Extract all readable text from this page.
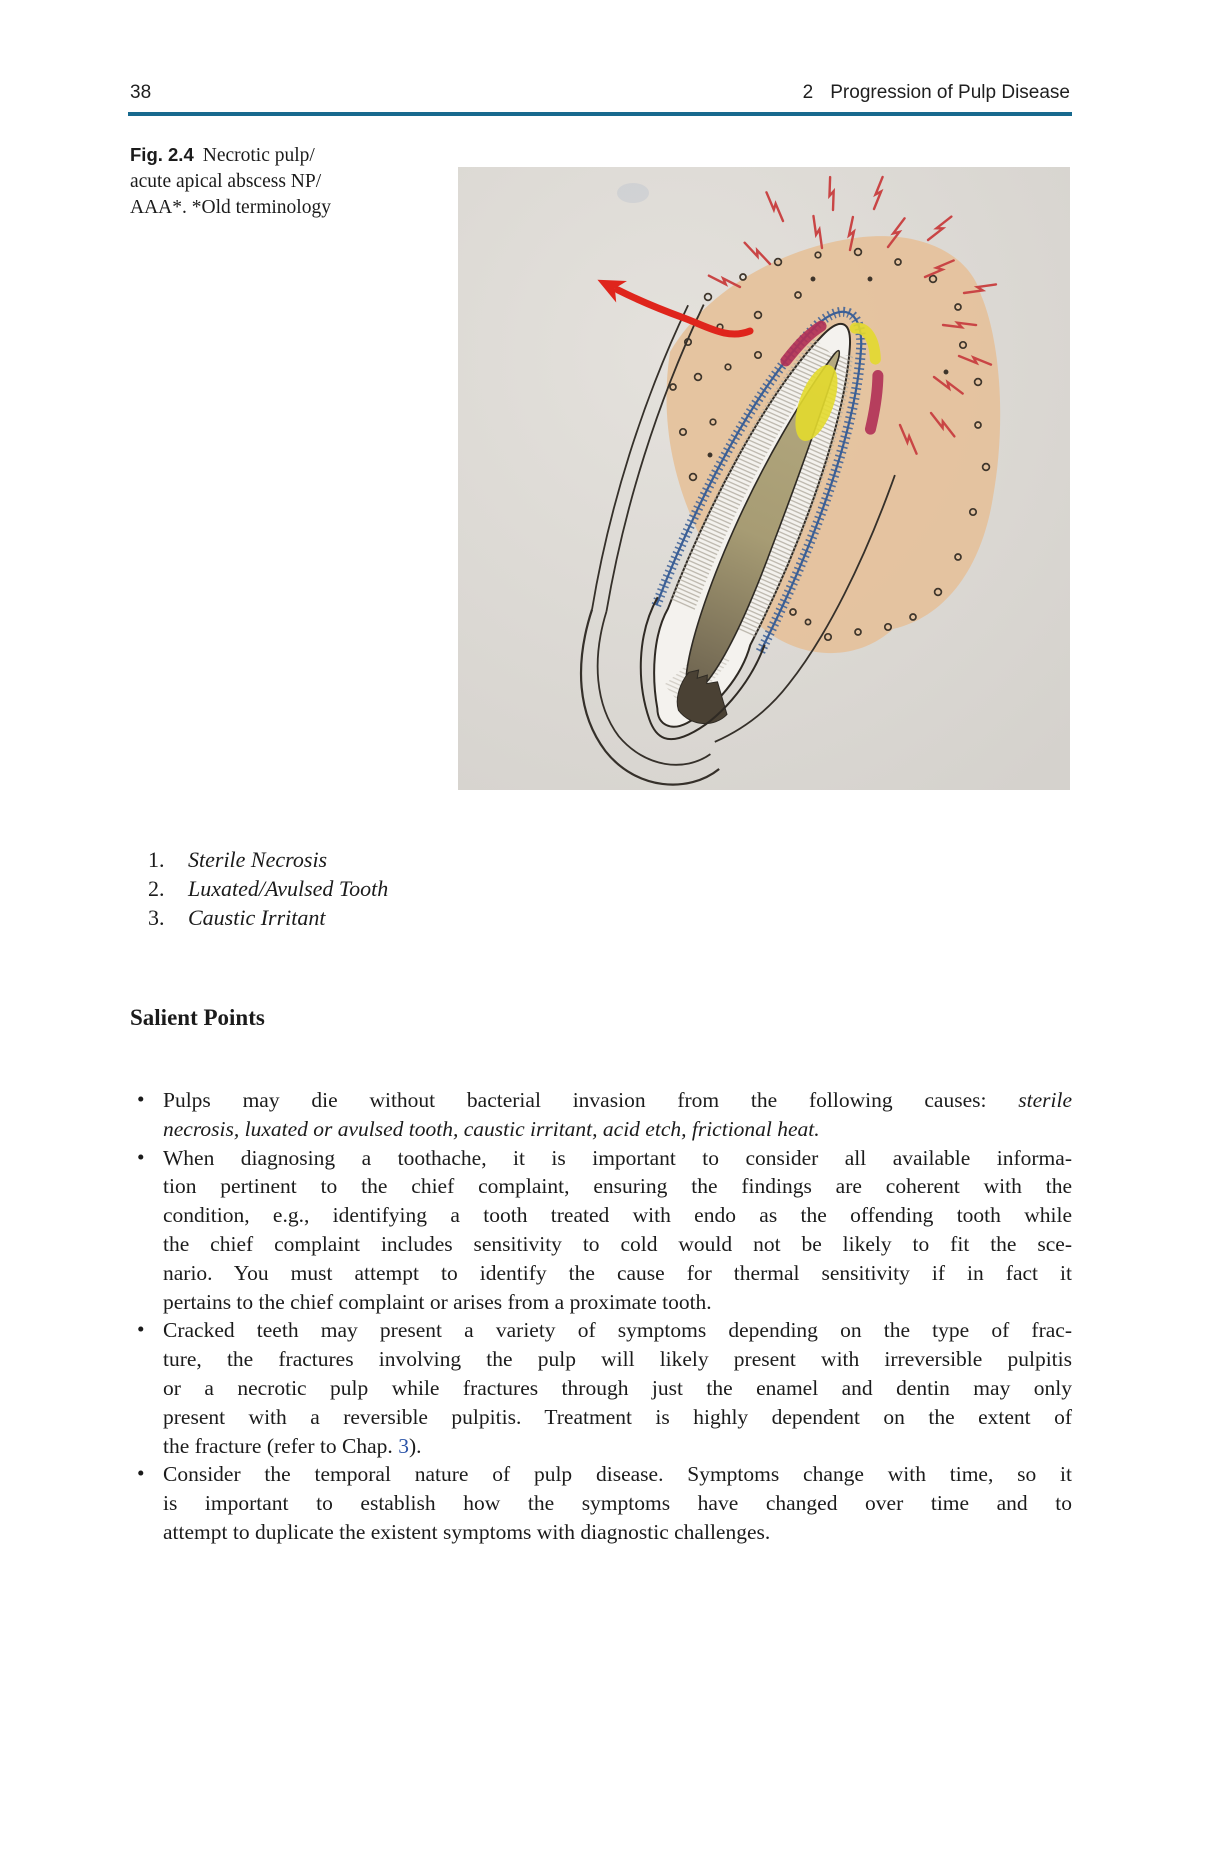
38	2 Progression of Pulp Disease
Fig. 2.4 Necrotic pulp/
acute apical abscess NP/
AAA*. *Old terminology
1. Sterile Necrosis
2. Luxated/Avulsed Tooth
3. Caustic Irritant
Salient Points
• Pulps may die without bacterial invasion from the following causes: sterile
necrosis, luxated or avulsed tooth, caustic irritant, acid etch, frictional heat.
• When diagnosing a toothache, it is important to consider all available informa-
tion pertinent to the chief complaint, ensuring the findings are coherent with the
condition, e.g., identifying a tooth treated with endo as the offending tooth while
the chief complaint includes sensitivity to cold would not be likely to fit the sce-
nario. You must attempt to identify the cause for thermal sensitivity if in fact it
pertains to the chief complaint or arises from a proximate tooth.
• Cracked teeth may present a variety of symptoms depending on the type of frac-
ture, the fractures involving the pulp will likely present with irreversible pulpitis
or a necrotic pulp while fractures through just the enamel and dentin may only
present with a reversible pulpitis. Treatment is highly dependent on the extent of
the fracture (refer to Chap. 3).
• Consider the temporal nature of pulp disease. Symptoms change with time, so it
is important to establish how the symptoms have changed over time and to
attempt to duplicate the existent symptoms with diagnostic challenges.
